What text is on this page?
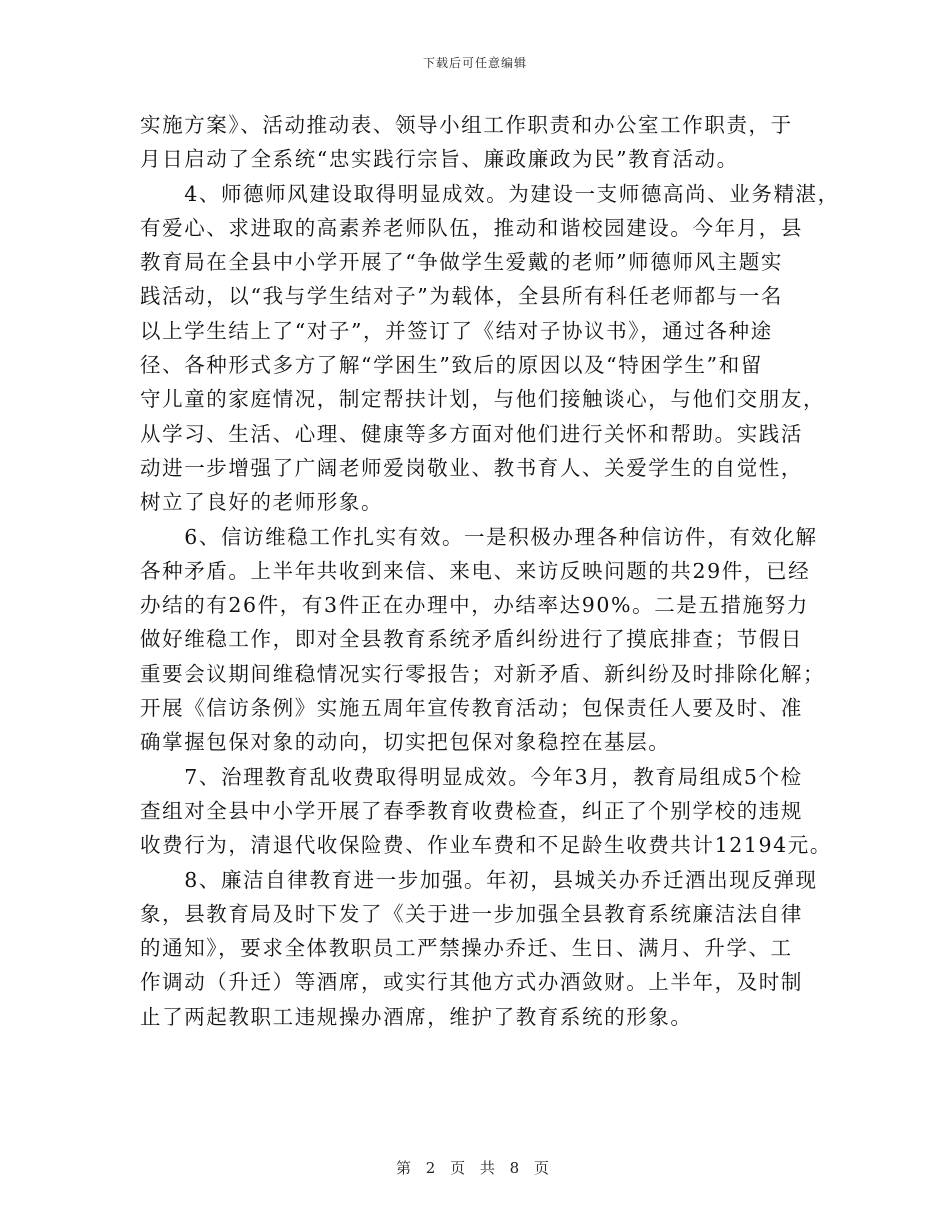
下载后可任意编辑
实施方案》、活动推动表、领导小组工作职责和办公室工作职责，于
月日启动了全系统“忠实践行宗旨、廉政廉政为民”教育活动。
　　4、师德师风建设取得明显成效。为建设一支师德高尚、业务精湛，
有爱心、求进取的高素养老师队伍，推动和谐校园建设。今年月，县
教育局在全县中小学开展了“争做学生爱戴的老师”师德师风主题实
践活动，以“我与学生结对子”为载体，全县所有科任老师都与一名
以上学生结上了“对子”，并签订了《结对子协议书》，通过各种途
径、各种形式多方了解“学困生”致后的原因以及“特困学生”和留
守儿童的家庭情况，制定帮扶计划，与他们接触谈心，与他们交朋友，
从学习、生活、心理、健康等多方面对他们进行关怀和帮助。实践活
动进一步增强了广阔老师爱岗敬业、教书育人、关爱学生的自觉性，
树立了良好的老师形象。
　　6、信访维稳工作扎实有效。一是积极办理各种信访件，有效化解
各种矛盾。上半年共收到来信、来电、来访反映问题的共29件，已经
办结的有26件，有3件正在办理中，办结率达90%。二是五措施努力
做好维稳工作，即对全县教育系统矛盾纠纷进行了摸底排查；节假日
重要会议期间维稳情况实行零报告；对新矛盾、新纠纷及时排除化解；
开展《信访条例》实施五周年宣传教育活动；包保责任人要及时、准
确掌握包保对象的动向，切实把包保对象稳控在基层。
　　7、治理教育乱收费取得明显成效。今年3月，教育局组成5个检
查组对全县中小学开展了春季教育收费检查，纠正了个别学校的违规
收费行为，清退代收保险费、作业车费和不足龄生收费共计12194元。
　　8、廉洁自律教育进一步加强。年初，县城关办乔迁酒出现反弹现
象，县教育局及时下发了《关于进一步加强全县教育系统廉洁法自律
的通知》，要求全体教职员工严禁操办乔迁、生日、满月、升学、工
作调动（升迁）等酒席，或实行其他方式办酒敛财。上半年，及时制
止了两起教职工违规操办酒席，维护了教育系统的形象。
第 2 页 共 8 页
